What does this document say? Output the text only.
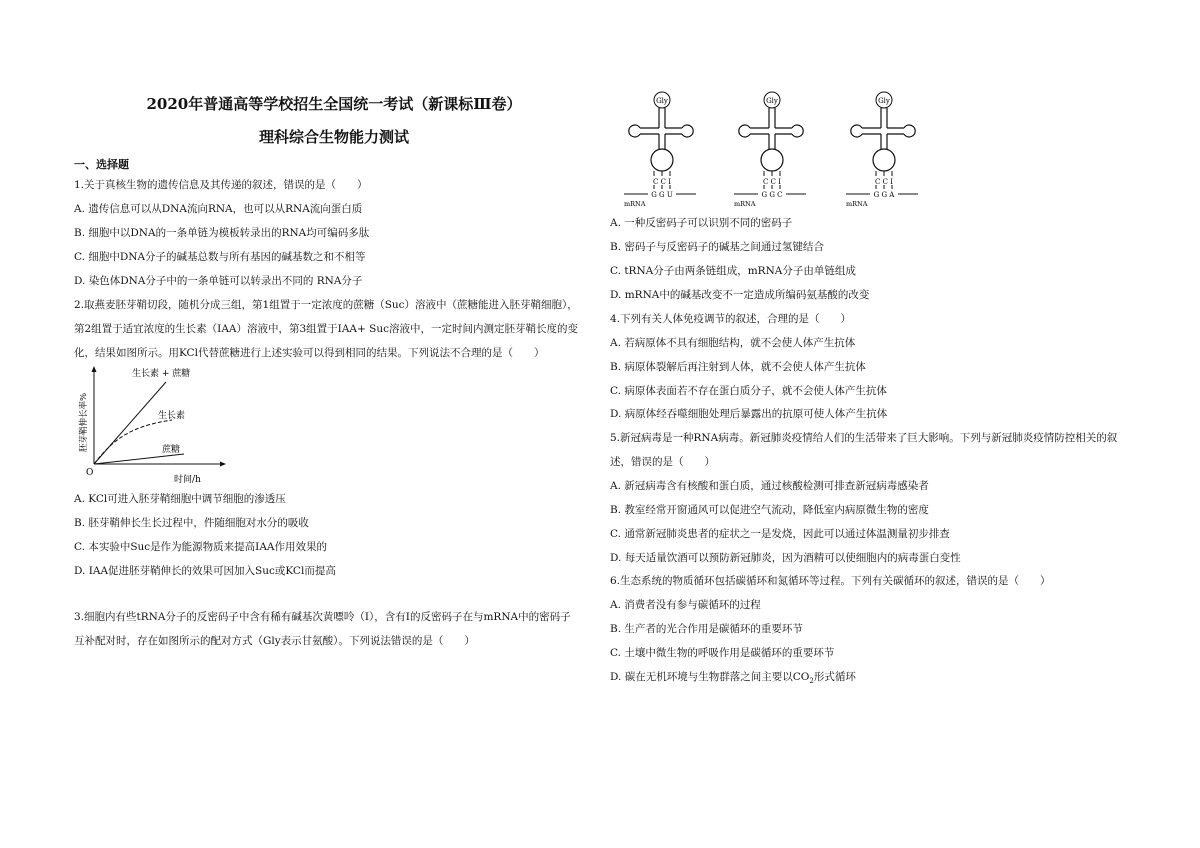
2020年普通高等学校招生全国统一考试（新课标Ⅲ卷）
理科综合生物能力测试
一、选择题
1.关于真核生物的遗传信息及其传递的叙述，错误的是（　　）
A. 遗传信息可以从DNA流向RNA，也可以从RNA流向蛋白质
B. 细胞中以DNA的一条单链为模板转录出的RNA均可编码多肽
C. 细胞中DNA分子的碱基总数与所有基因的碱基数之和不相等
D. 染色体DNA分子中的一条单链可以转录出不同的 RNA分子
2.取燕麦胚芽鞘切段，随机分成三组，第1组置于一定浓度的蔗糖（Suc）溶液中（蔗糖能进入胚芽鞘细胞），
第2组置于适宜浓度的生长素（IAA）溶液中，第3组置于IAA+ Suc溶液中，一定时间内测定胚芽鞘长度的变
化，结果如图所示。用KCl代替蔗糖进行上述实验可以得到相同的结果。下列说法不合理的是（　　）
生长素 + 蔗糖
生长素
蔗糖
O
时间/h
胚芽鞘伸长率%
A. KCl可进入胚芽鞘细胞中调节细胞的渗透压
B. 胚芽鞘伸长生长过程中，件随细胞对水分的吸收
C. 本实验中Suc是作为能源物质来提高IAA作用效果的
D. IAA促进胚芽鞘伸长的效果可因加入Suc或KCl而提高
3.细胞内有些tRNA分子的反密码子中含有稀有碱基次黄嘌呤（I），含有I的反密码子在与mRNA中的密码子
互补配对时，存在如图所示的配对方式（Gly表示甘氨酸）。下列说法错误的是（　　）
Gly
C C I
G G U
mRNA
Gly
C C I
G G C
mRNA
Gly
C C I
G G A
mRNA
A. 一种反密码子可以识别不同的密码子
B. 密码子与反密码子的碱基之间通过氢键结合
C. tRNA分子由两条链组成，mRNA分子由单链组成
D. mRNA中的碱基改变不一定造成所编码氨基酸的改变
4.下列有关人体免疫调节的叙述，合理的是（　　）
A. 若病原体不具有细胞结构，就不会使人体产生抗体
B. 病原体裂解后再注射到人体，就不会使人体产生抗体
C. 病原体表面若不存在蛋白质分子，就不会使人体产生抗体
D. 病原体经吞噬细胞处理后暴露出的抗原可使人体产生抗体
5.新冠病毒是一种RNA病毒。新冠肺炎疫情给人们的生活带来了巨大影响。下列与新冠肺炎疫情防控相关的叙
述，错误的是（　　）
A. 新冠病毒含有核酸和蛋白质，通过核酸检测可排查新冠病毒感染者
B. 教室经常开窗通风可以促进空气流动，降低室内病原微生物的密度
C. 通常新冠肺炎患者的症状之一是发烧，因此可以通过体温测量初步排查
D. 每天适量饮酒可以预防新冠肺炎，因为酒精可以使细胞内的病毒蛋白变性
6.生态系统的物质循环包括碳循环和氮循环等过程。下列有关碳循环的叙述，错误的是（　　）
A. 消费者没有参与碳循环的过程
B. 生产者的光合作用是碳循环的重要环节
C. 土壤中微生物的呼吸作用是碳循环的重要环节
D. 碳在无机环境与生物群落之间主要以$CO_2$形式循环
